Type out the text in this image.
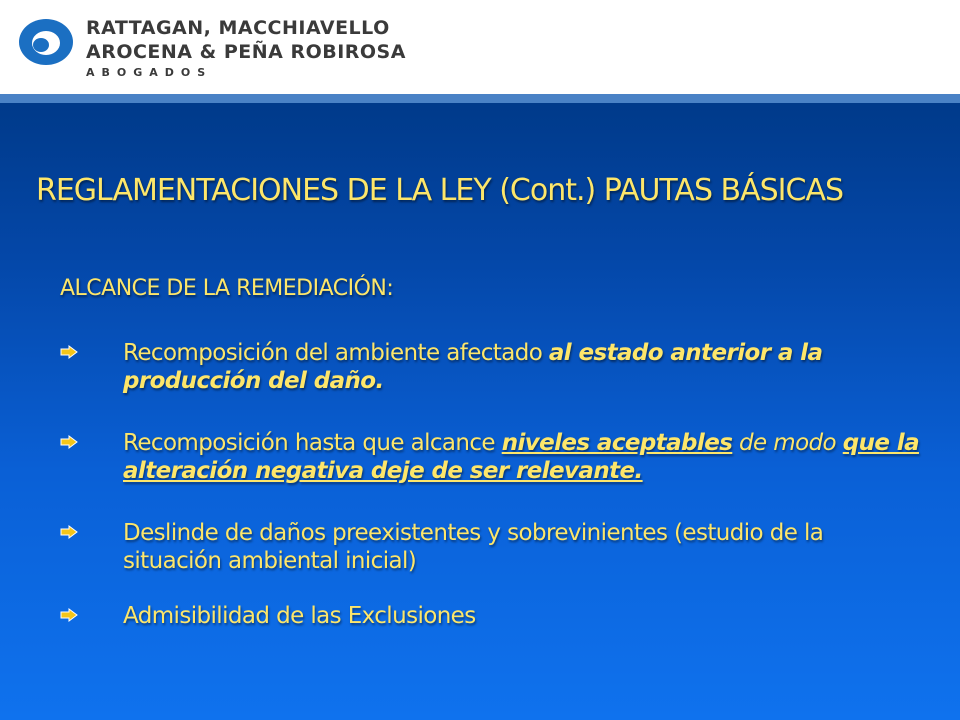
RATTAGAN, MACCHIAVELLO
AROCENA & PEÑA ROBIROSA
ABOGADOS
REGLAMENTACIONES DE LA LEY (Cont.) PAUTAS BÁSICAS
ALCANCE DE LA REMEDIACIÓN:
Recomposición del ambiente afectado al estado anterior a la producción del daño.
Recomposición hasta que alcance niveles aceptables de modo que la alteración negativa deje de ser relevante.
Deslinde de daños preexistentes y sobrevinientes (estudio de la situación ambiental inicial)
Admisibilidad de las Exclusiones
